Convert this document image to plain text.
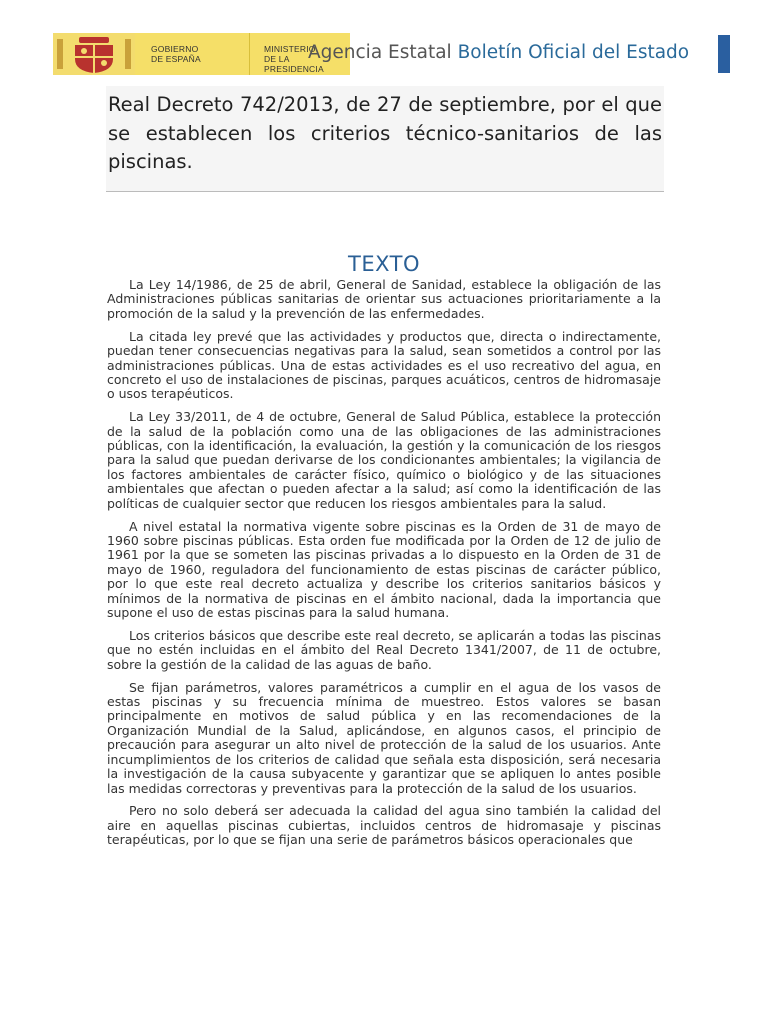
GOBIERNO
DE ESPAÑA
MINISTERIO
DE LA PRESIDENCIA
Agencia Estatal Boletín Oficial del Estado

Real Decreto 742/2013, de 27 de septiembre, por el que se establecen los criterios técnico-sanitarios de las piscinas.

TEXTO

La Ley 14/1986, de 25 de abril, General de Sanidad, establece la obligación de las Administraciones públicas sanitarias de orientar sus actuaciones prioritariamente a la promoción de la salud y la prevención de las enfermedades.

La citada ley prevé que las actividades y productos que, directa o indirectamente, puedan tener consecuencias negativas para la salud, sean sometidos a control por las administraciones públicas. Una de estas actividades es el uso recreativo del agua, en concreto el uso de instalaciones de piscinas, parques acuáticos, centros de hidromasaje o usos terapéuticos.

La Ley 33/2011, de 4 de octubre, General de Salud Pública, establece la protección de la salud de la población como una de las obligaciones de las administraciones públicas, con la identificación, la evaluación, la gestión y la comunicación de los riesgos para la salud que puedan derivarse de los condicionantes ambientales; la vigilancia de los factores ambientales de carácter físico, químico o biológico y de las situaciones ambientales que afectan o pueden afectar a la salud; así como la identificación de las políticas de cualquier sector que reducen los riesgos ambientales para la salud.

A nivel estatal la normativa vigente sobre piscinas es la Orden de 31 de mayo de 1960 sobre piscinas públicas. Esta orden fue modificada por la Orden de 12 de julio de 1961 por la que se someten las piscinas privadas a lo dispuesto en la Orden de 31 de mayo de 1960, reguladora del funcionamiento de estas piscinas de carácter público, por lo que este real decreto actualiza y describe los criterios sanitarios básicos y mínimos de la normativa de piscinas en el ámbito nacional, dada la importancia que supone el uso de estas piscinas para la salud humana.

Los criterios básicos que describe este real decreto, se aplicarán a todas las piscinas que no estén incluidas en el ámbito del Real Decreto 1341/2007, de 11 de octubre, sobre la gestión de la calidad de las aguas de baño.

Se fijan parámetros, valores paramétricos a cumplir en el agua de los vasos de estas piscinas y su frecuencia mínima de muestreo. Estos valores se basan principalmente en motivos de salud pública y en las recomendaciones de la Organización Mundial de la Salud, aplicándose, en algunos casos, el principio de precaución para asegurar un alto nivel de protección de la salud de los usuarios. Ante incumplimientos de los criterios de calidad que señala esta disposición, será necesaria la investigación de la causa subyacente y garantizar que se apliquen lo antes posible las medidas correctoras y preventivas para la protección de la salud de los usuarios.

Pero no solo deberá ser adecuada la calidad del agua sino también la calidad del aire en aquellas piscinas cubiertas, incluidos centros de hidromasaje y piscinas terapéuticas, por lo que se fijan una serie de parámetros básicos operacionales que
